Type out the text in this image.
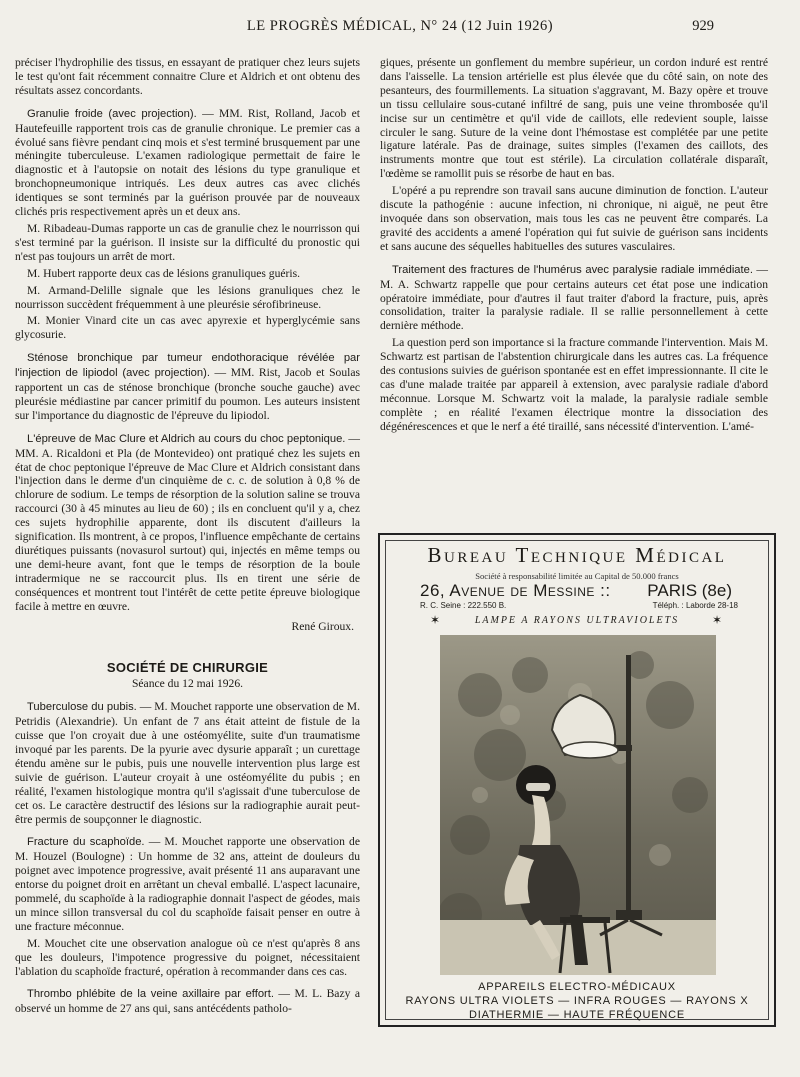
LE PROGRÈS MÉDICAL, N° 24 (12 Juin 1926)	929

préciser l'hydrophilie des tissus, en essayant de pratiquer chez leurs sujets le test qu'ont fait récemment connaitre Clure et Aldrich et ont obtenu des résultats assez concordants.

Granulie froide (avec projection). — MM. Rist, Rolland, Jacob et Hautefeuille rapportent trois cas de granulie chronique. Le premier cas a évolué sans fièvre pendant cinq mois et s'est terminé brusquement par une méningite tuberculeuse. L'examen radiologique permettait de faire le diagnostic et à l'autopsie on notait des lésions du type granulique et bronchopneumonique intriqués. Les deux autres cas avec clichés identiques se sont terminés par la guérison prouvée par de nouveaux clichés pris respectivement après un et deux ans.

M. Ribadeau-Dumas rapporte un cas de granulie chez le nourrisson qui s'est terminé par la guérison. Il insiste sur la difficulté du pronostic qui n'est pas toujours un arrêt de mort.

M. Hubert rapporte deux cas de lésions granuliques guéris.

M. Armand-Delille signale que les lésions granuliques chez le nourrisson succèdent fréquemment à une pleurésie sérofibrineuse.

M. Monier Vinard cite un cas avec apyrexie et hyperglycémie sans glycosurie.

Sténose bronchique par tumeur endothoracique révélée par l'injection de lipiodol (avec projection). — MM. Rist, Jacob et Soulas rapportent un cas de sténose bronchique (bronche souche gauche) avec pleurésie médiastine par cancer primitif du poumon. Les auteurs insistent sur l'importance du diagnostic de l'épreuve du lipiodol.

L'épreuve de Mac Clure et Aldrich au cours du choc peptonique. — MM. A. Ricaldoni et Pla (de Montevideo) ont pratiqué chez les sujets en état de choc peptonique l'épreuve de Mac Clure et Aldrich consistant dans l'injection dans le derme d'un cinquième de c. c. de solution à 0,8 % de chlorure de sodium. Le temps de résorption de la solution saline se trouva raccourci (30 à 45 minutes au lieu de 60) ; ils en concluent qu'il y a, chez ces sujets hydrophilie apparente, dont ils discutent d'ailleurs la signification. Ils montrent, à ce propos, l'influence empêchante de certains diurétiques puissants (novasurol surtout) qui, injectés en même temps ou une demi-heure avant, font que le temps de résorption de la boule intradermique ne se raccourcit plus. Ils en tirent une série de conséquences et montrent tout l'intérêt de cette petite épreuve biologique facile à mettre en œuvre.

René Giroux.
SOCIÉTÉ DE CHIRURGIE
Séance du 12 mai 1926.

Tuberculose du pubis. — M. Mouchet rapporte une observation de M. Petridis (Alexandrie). Un enfant de 7 ans était atteint de fistule de la cuisse que l'on croyait due à une ostéomyélite, suite d'un traumatisme invoqué par les parents. De la pyurie avec dysurie apparaît ; un curettage étendu amène sur le pubis, puis une nouvelle intervention plus large est suivie de guérison. L'auteur croyait à une ostéomyélite du pubis ; en réalité, l'examen histologique montra qu'il s'agissait d'une tuberculose de cet os. Le caractère destructif des lésions sur la radiographie aurait peut-être permis de soupçonner le diagnostic.

Fracture du scaphoïde. — M. Mouchet rapporte une observation de M. Houzel (Boulogne) : Un homme de 32 ans, atteint de douleurs du poignet avec impotence progressive, avait présenté 11 ans auparavant une entorse du poignet droit en arrêtant un cheval emballé. L'aspect lacunaire, pommelé, du scaphoïde à la radiographie donnait l'aspect de géodes, mais un mince sillon transversal du col du scaphoïde faisait penser en outre à une fracture méconnue.

M. Mouchet cite une observation analogue où ce n'est qu'après 8 ans que les douleurs, l'impotence progressive du poignet, nécessitaient l'ablation du scaphoïde fracturé, opération à recommander dans ces cas.

Thrombo phlébite de la veine axillaire par effort. — M. L. Bazy a observé un homme de 27 ans qui, sans antécédents patholo-

giques, présente un gonflement du membre supérieur, un cordon induré est rentré dans l'aisselle. La tension artérielle est plus élevée que du côté sain, on note des pesanteurs, des fourmillements. La situation s'aggravant, M. Bazy opère et trouve un tissu cellulaire sous-cutané infiltré de sang, puis une veine thrombosée qu'il incise sur un centimètre et qu'il vide de caillots, elle redevient souple, laisse circuler le sang. Suture de la veine dont l'hémostase est complétée par une petite ligature latérale. Pas de drainage, suites simples (l'examen des caillots, des instruments montre que tout est stérile). La circulation collatérale disparaît, l'œdème se ramollit puis se résorbe de haut en bas.

L'opéré a pu reprendre son travail sans aucune diminution de fonction. L'auteur discute la pathogénie : aucune infection, ni chronique, ni aiguë, ne peut être invoquée dans son observation, mais tous les cas ne peuvent être comparés. La gravité des accidents a amené l'opération qui fut suivie de guérison sans incidents et sans aucune des séquelles habituelles des sutures vasculaires.

Traitement des fractures de l'humérus avec paralysie radiale immédiate. — M. A. Schwartz rappelle que pour certains auteurs cet état pose une indication opératoire immédiate, pour d'autres il faut traiter d'abord la fracture, puis, après consolidation, traiter la paralysie radiale. Il se rallie personnellement à cette dernière méthode.

La question perd son importance si la fracture commande l'intervention. Mais M. Schwartz est partisan de l'abstention chirurgicale dans les autres cas. La fréquence des contusions suivies de guérison spontanée est en effet impressionnante. Il cite le cas d'une malade traitée par appareil à extension, avec paralysie radiale d'abord méconnue. Lorsque M. Schwartz voit la malade, la paralysie radiale semble complète ; en réalité l'examen électrique montre la dissociation des dégénérescences et que le nerf a été tiraillé, sans nécessité d'intervention. L'amé-

Bureau Technique Médical
Société à responsabilité limitée au Capital de 50.000 francs
26, Avenue de Messine :: PARIS (8e)
R. C. Seine : 222.550 B.	Téléph. : Laborde 28-18
✶	LAMPE A RAYONS ULTRAVIOLETS	✶
APPAREILS ELECTRO-MÉDICAUX
RAYONS ULTRA VIOLETS — INFRA ROUGES — RAYONS X
DIATHERMIE — HAUTE FRÉQUENCE
